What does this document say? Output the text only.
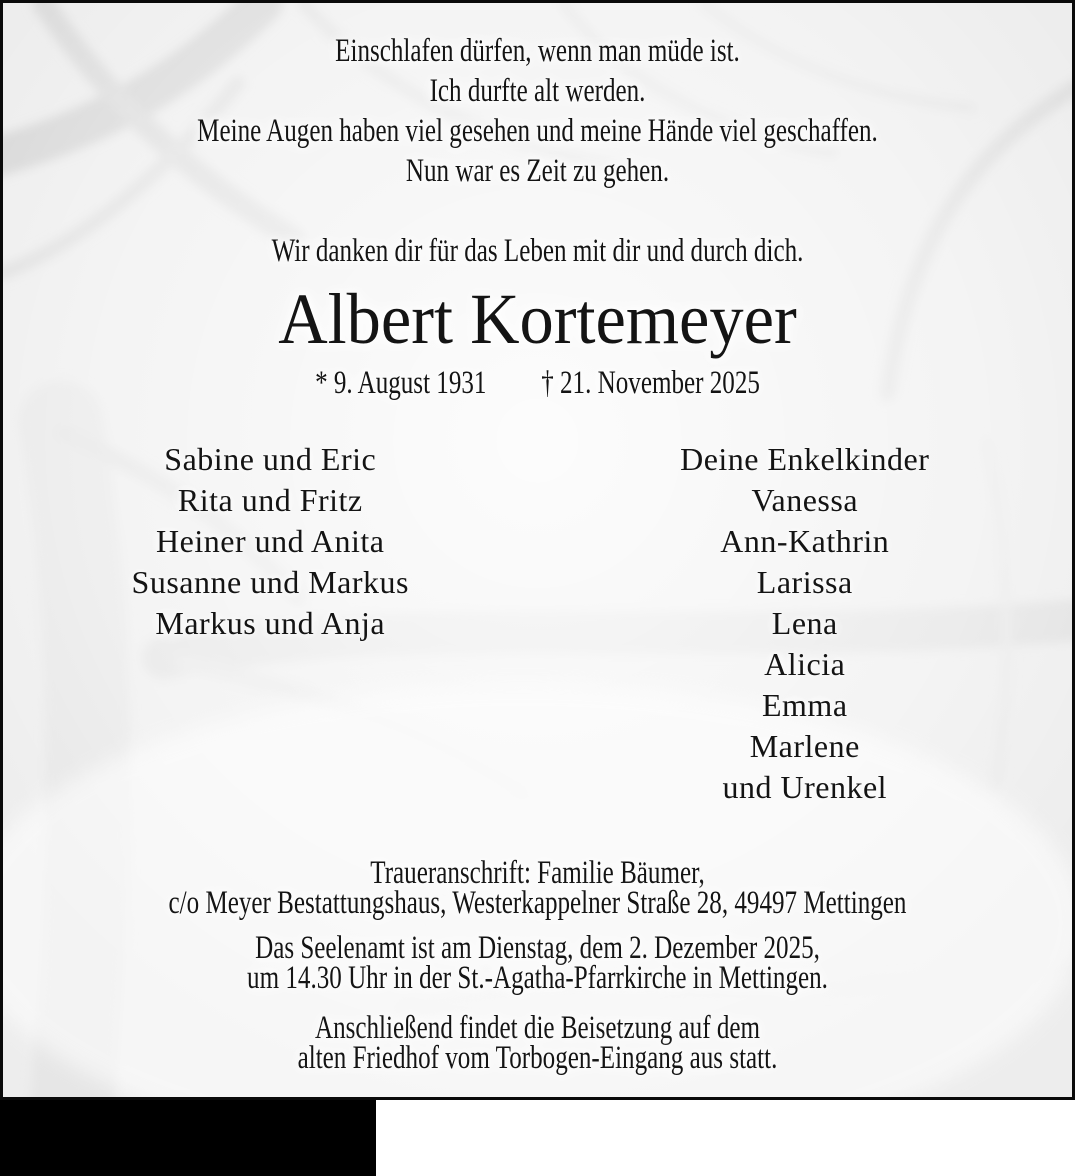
Einschlafen dürfen, wenn man müde ist.
Ich durfte alt werden.
Meine Augen haben viel gesehen und meine Hände viel geschaffen.
Nun war es Zeit zu gehen.
Wir danken dir für das Leben mit dir und durch dich.
Albert Kortemeyer
* 9. August 1931 † 21. November 2025
Sabine und Eric
Rita und Fritz
Heiner und Anita
Susanne und Markus
Markus und Anja
Deine Enkelkinder
Vanessa
Ann-Kathrin
Larissa
Lena
Alicia
Emma
Marlene
und Urenkel
Traueranschrift: Familie Bäumer,
c/o Meyer Bestattungshaus, Westerkappelner Straße 28, 49497 Mettingen
Das Seelenamt ist am Dienstag, dem 2. Dezember 2025,
um 14.30 Uhr in der St.-Agatha-Pfarrkirche in Mettingen.
Anschließend findet die Beisetzung auf dem
alten Friedhof vom Torbogen-Eingang aus statt.
